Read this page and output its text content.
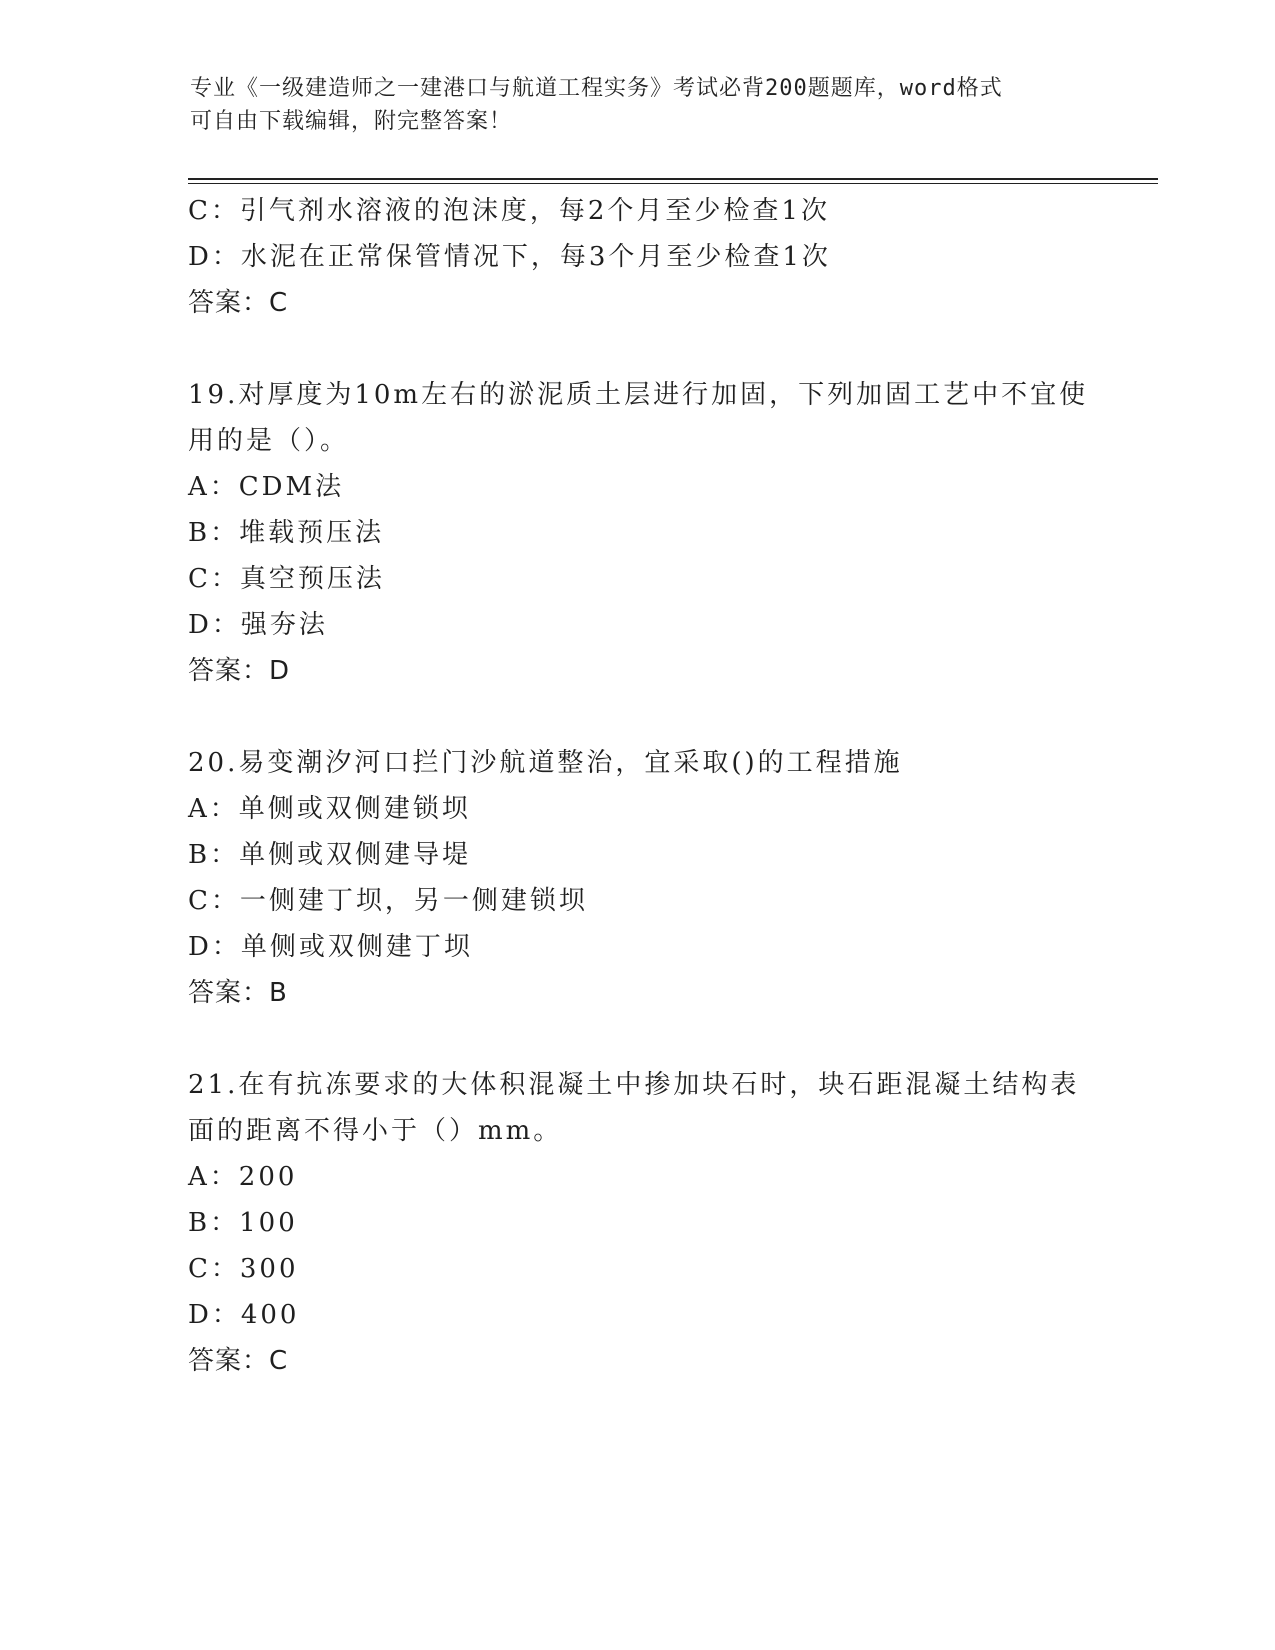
专业《一级建造师之一建港口与航道工程实务》考试必背200题题库，word格式
可自由下载编辑，附完整答案！
C：引气剂水溶液的泡沫度，每2个月至少检查1次
D：水泥在正常保管情况下，每3个月至少检查1次
答案：C
19.对厚度为10m左右的淤泥质土层进行加固，下列加固工艺中不宜使
用的是（）。
A：CDM法
B：堆载预压法
C：真空预压法
D：强夯法
答案：D
20.易变潮汐河口拦门沙航道整治，宜采取()的工程措施
A：单侧或双侧建锁坝
B：单侧或双侧建导堤
C：一侧建丁坝，另一侧建锁坝
D：单侧或双侧建丁坝
答案：B
21.在有抗冻要求的大体积混凝土中掺加块石时，块石距混凝土结构表
面的距离不得小于（）mm。
A：200
B：100
C：300
D：400
答案：C
